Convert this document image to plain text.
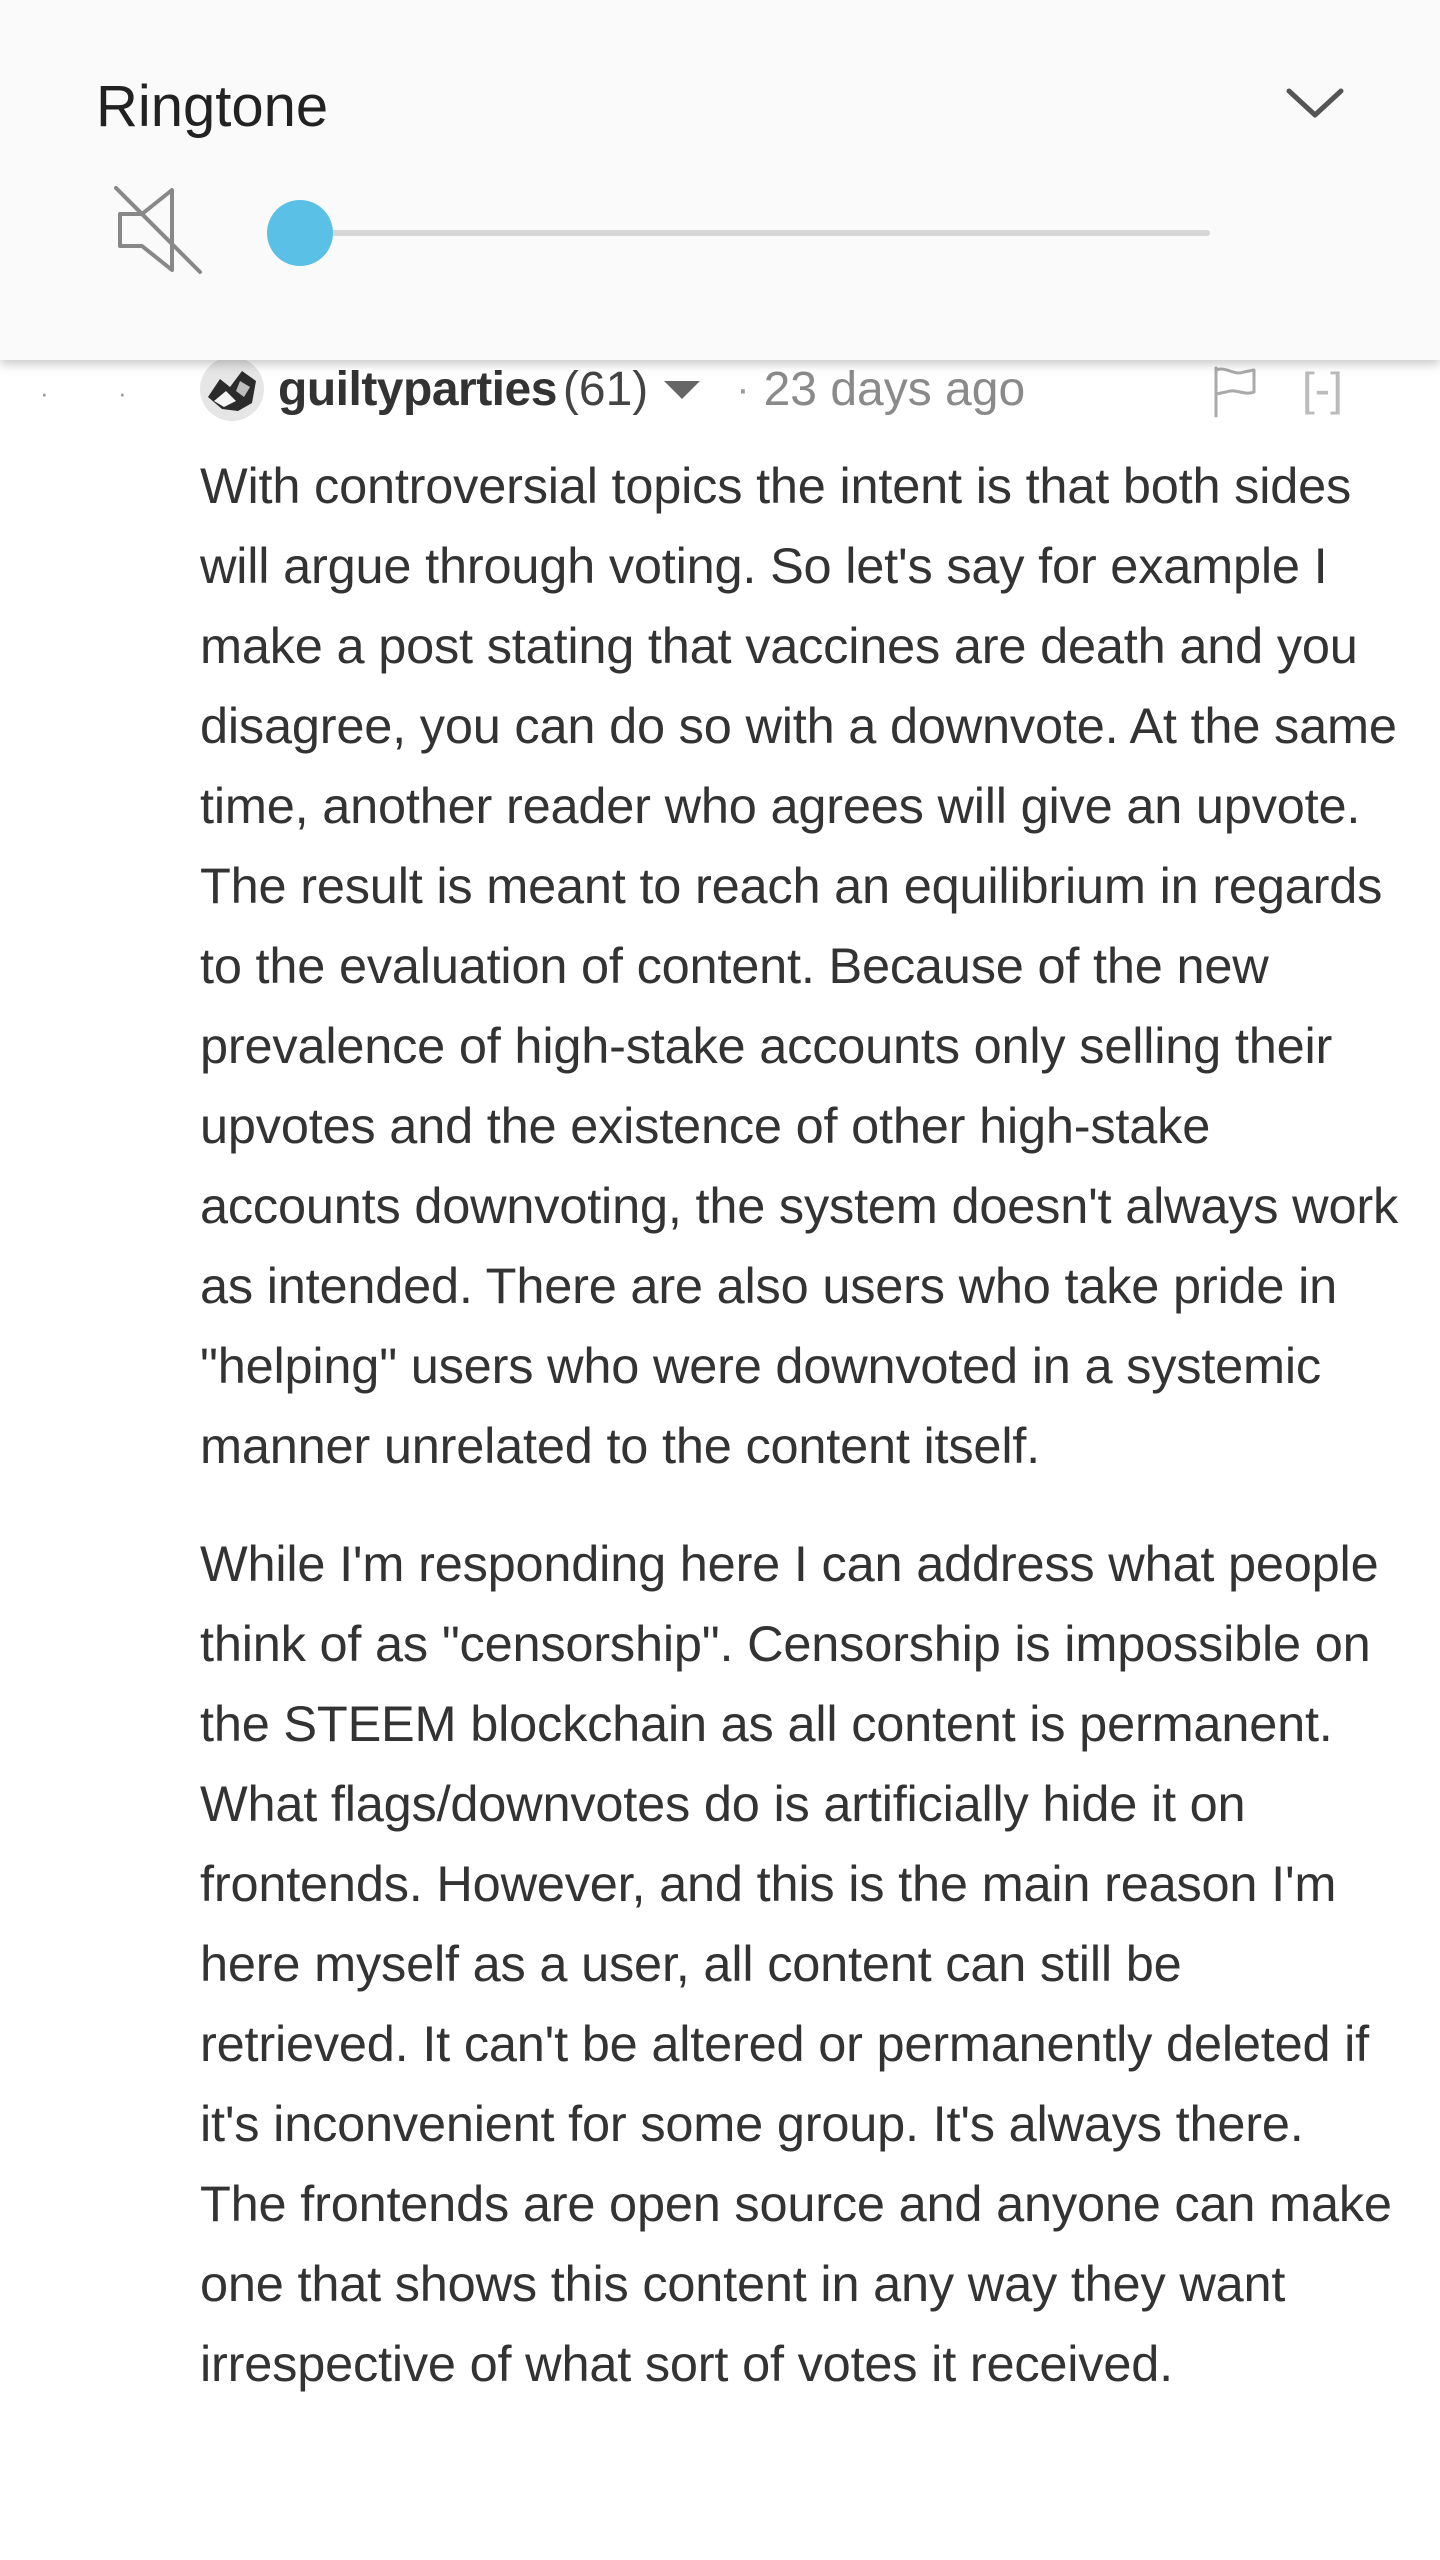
Ringtone
·	·	guiltyparties (61) · 23 days ago	[-]

With controversial topics the intent is that both sides will argue through voting. So let's say for example I make a post stating that vaccines are death and you disagree, you can do so with a downvote. At the same time, another reader who agrees will give an upvote. The result is meant to reach an equilibrium in regards to the evaluation of content. Because of the new prevalence of high-stake accounts only selling their upvotes and the existence of other high-stake accounts downvoting, the system doesn't always work as intended. There are also users who take pride in "helping" users who were downvoted in a systemic manner unrelated to the content itself.

While I'm responding here I can address what people think of as "censorship". Censorship is impossible on the STEEM blockchain as all content is permanent. What flags/downvotes do is artificially hide it on frontends. However, and this is the main reason I'm here myself as a user, all content can still be retrieved. It can't be altered or permanently deleted if it's inconvenient for some group. It's always there. The frontends are open source and anyone can make one that shows this content in any way they want irrespective of what sort of votes it received.
